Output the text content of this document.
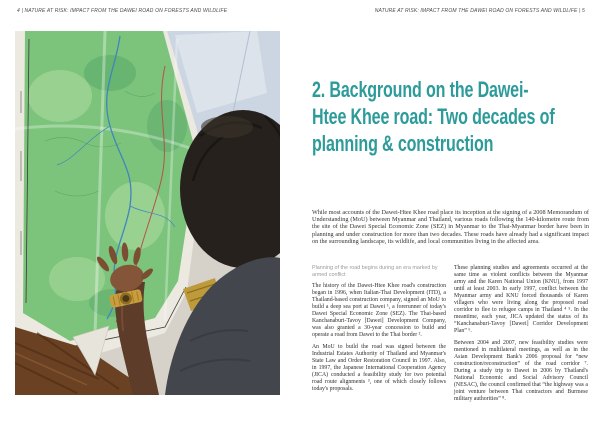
4 | NATURE AT RISK: IMPACT FROM THE DAWEI ROAD ON FORESTS AND WILDLIFE	NATURE AT RISK: IMPACT FROM THE DAWEI ROAD ON FORESTS AND WILDLIFE | 5
2. Background on the Dawei-
Htee Khee road: Two decades of
planning & construction
While most accounts of the Dawei-Htee Khee road place its inception at the signing of a 2008 Memorandum of Understanding (MoU) between Myanmar and Thailand, various roads following the 140-kilometre route from the site of the Dawei Special Economic Zone (SEZ) in Myanmar to the Thai-Myanmar border have been in planning and under construction for more than two decades. These roads have already had a significant impact on the surrounding landscape, its wildlife, and local communities living in the affected area.
Planning of the road begins during an era marked by armed conflict

The history of the Dawei-Htee Khee road's construction began in 1996, when Italian-Thai Development (ITD), a Thailand-based construction company, signed an MoU to build a deep sea port at Dawei ¹, a forerunner of today's Dawei Special Economic Zone (SEZ). The Thai-based Kanchanaburi-Tavoy [Dawei] Development Company, was also granted a 30-year concession to build and operate a road from Dawei to the Thai border ².

An MoU to build the road was signed between the Industrial Estates Authority of Thailand and Myanmar's State Law and Order Restoration Council in 1997. Also, in 1997, the Japanese International Cooperation Agency (JICA) conducted a feasibility study for two potential road route alignments ³, one of which closely follows today's proposals.

These planning studies and agreements occurred at the same time as violent conflicts between the Myanmar army and the Karen National Union (KNU), from 1997 until at least 2003. In early 1997, conflict between the Myanmar army and KNU forced thousands of Karen villagers who were living along the proposed road corridor to flee to refugee camps in Thailand ⁴ ⁵. In the meantime, each year, JICA updated the status of its “Kanchanaburi-Tavoy [Dawei] Corridor Development Plan” ⁶.

Between 2004 and 2007, new feasibility studies were mentioned in multilateral meetings, as well as in the Asian Development Bank's 2006 proposal for “new construction/reconstruction” of the road corridor ⁷. During a study trip to Dawei in 2006 by Thailand's National Economic and Social Advisory Council (NESAC), the council confirmed that “the highway was a joint venture between Thai contractors and Burmese military authorities” ⁸.
